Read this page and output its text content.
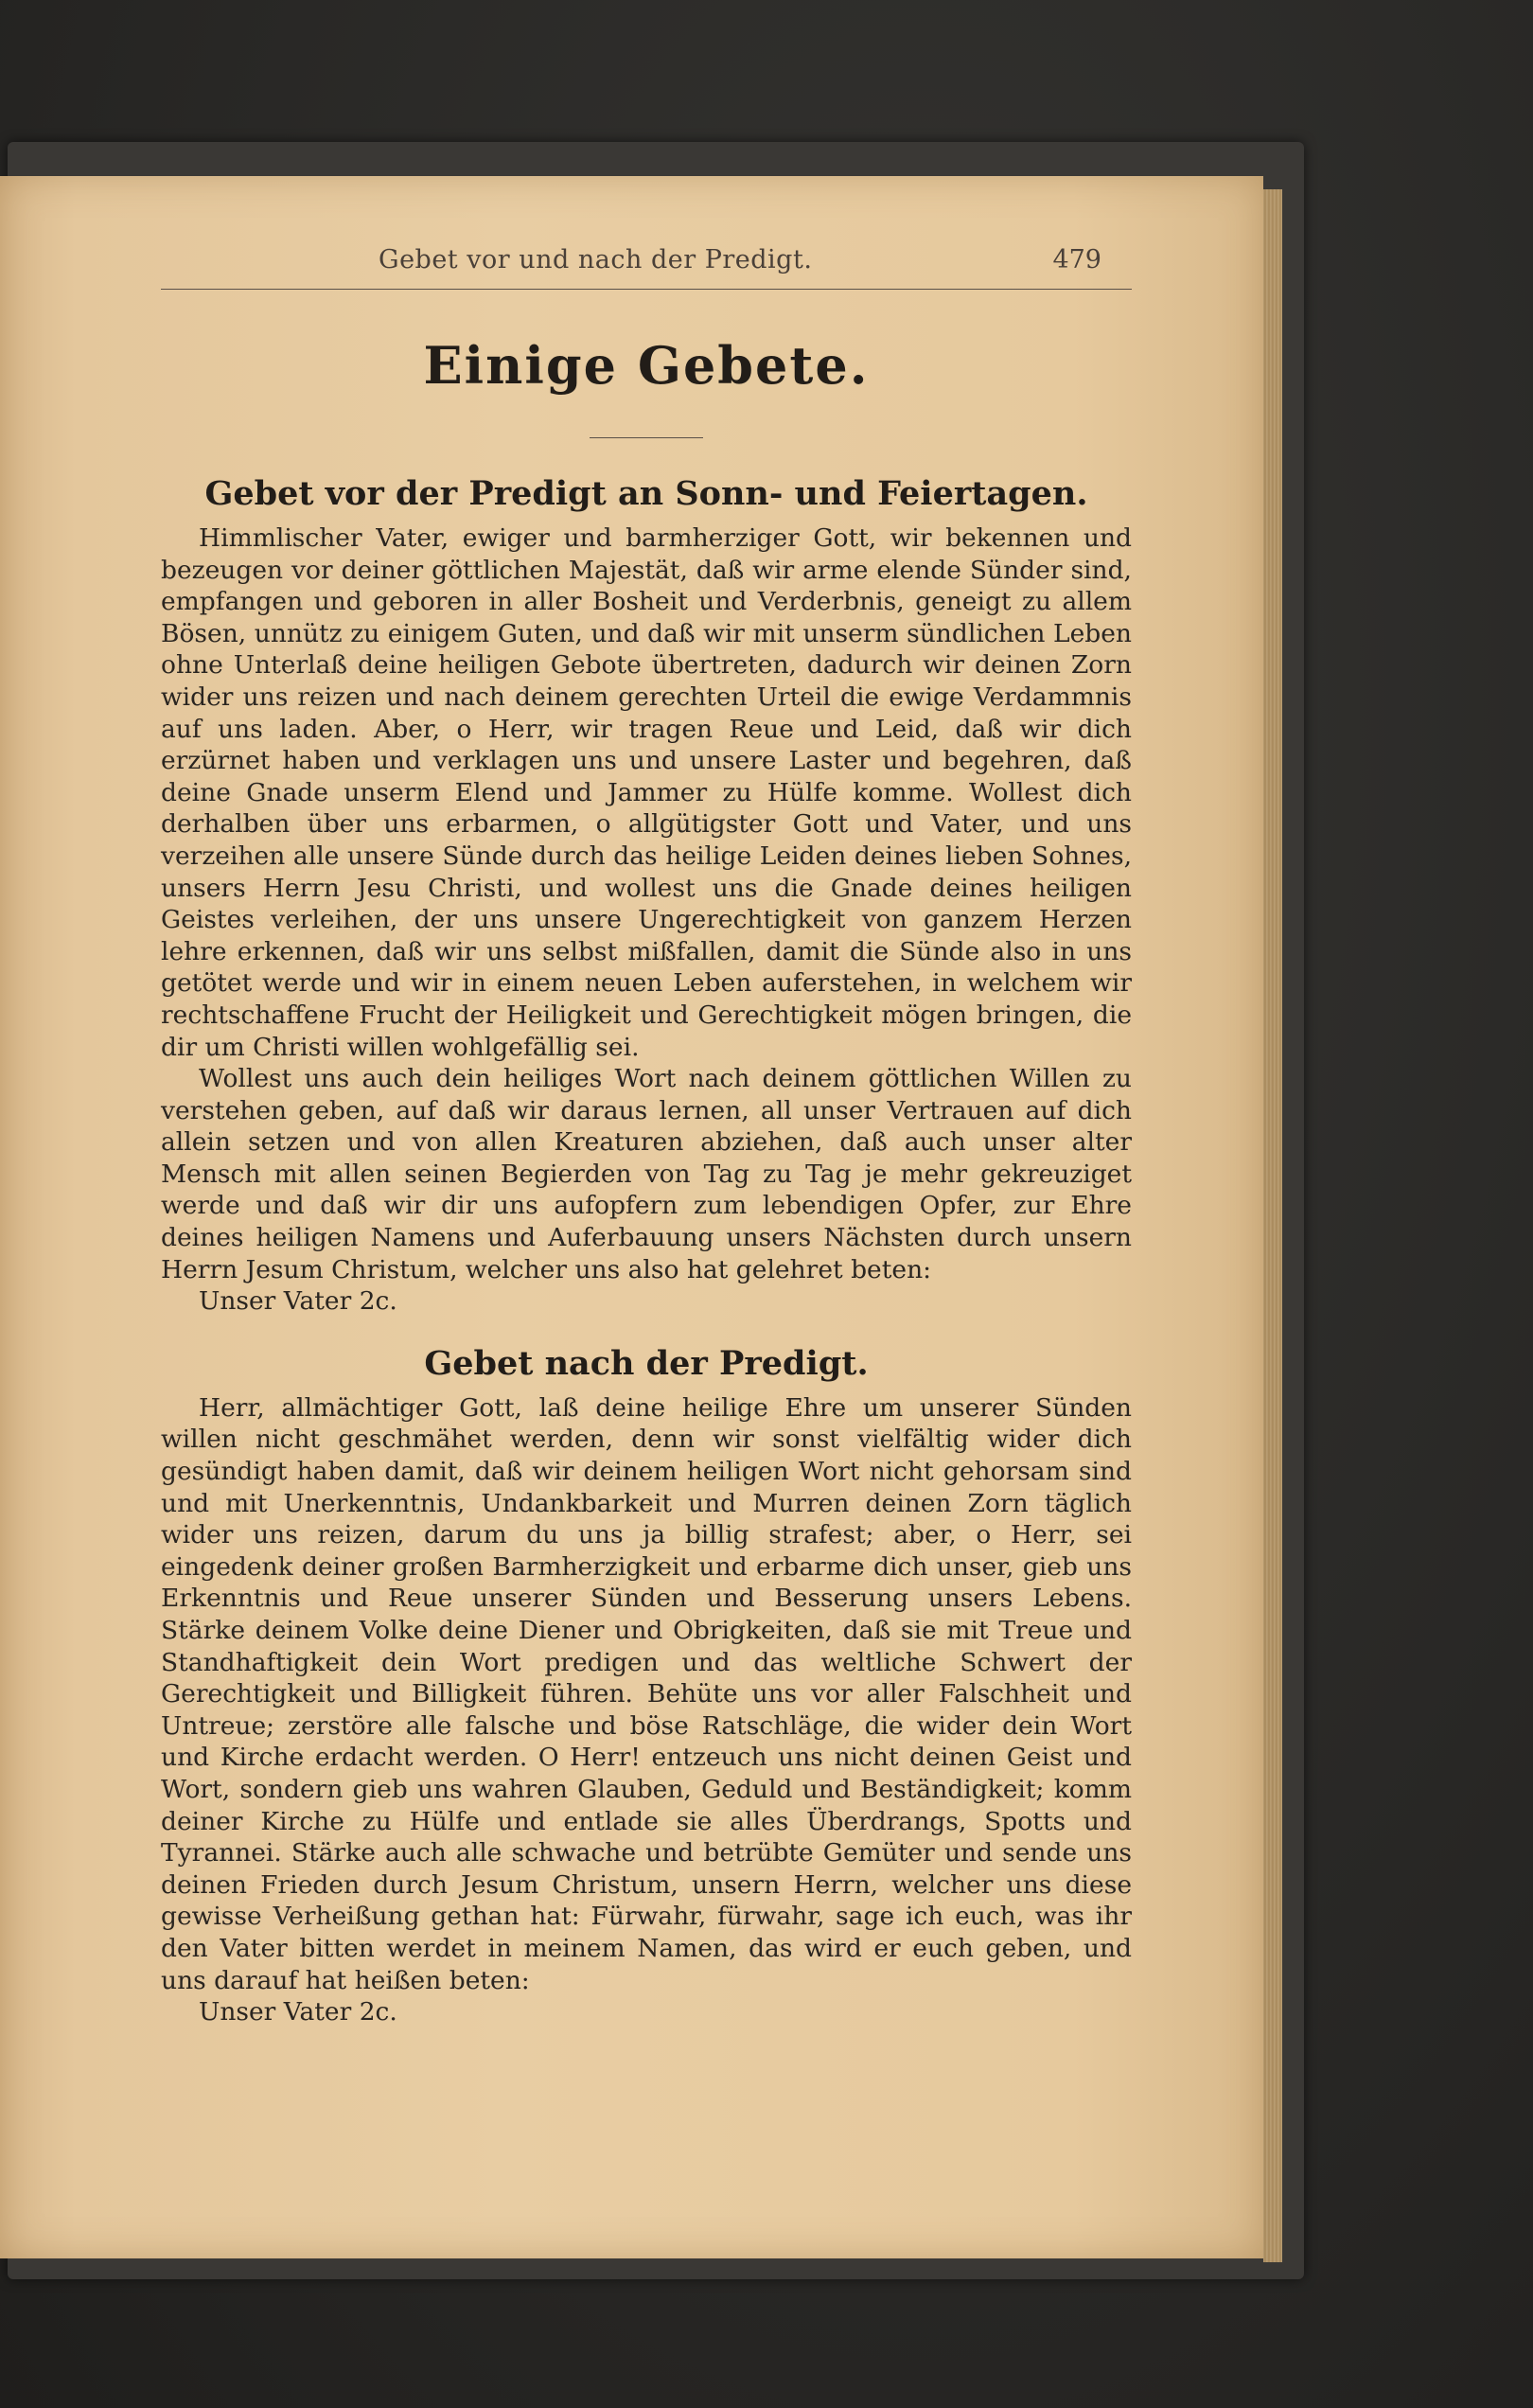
Gebet vor und nach der Predigt.	479
Einige Gebete.
Gebet vor der Predigt an Sonn- und Feiertagen.

Himmlischer Vater, ewiger und barmherziger Gott, wir bekennen und bezeugen vor deiner göttlichen Majestät, daß wir arme elende Sünder sind, empfangen und geboren in aller Bosheit und Verderbnis, geneigt zu allem Bösen, unnütz zu einigem Guten, und daß wir mit unserm sündlichen Leben ohne Unterlaß deine heiligen Gebote übertreten, dadurch wir deinen Zorn wider uns reizen und nach deinem gerechten Urteil die ewige Verdammnis auf uns laden. Aber, o Herr, wir tragen Reue und Leid, daß wir dich erzürnet haben und verklagen uns und unsere Laster und begehren, daß deine Gnade unserm Elend und Jammer zu Hülfe komme. Wollest dich derhalben über uns erbarmen, o allgütigster Gott und Vater, und uns verzeihen alle unsere Sünde durch das heilige Leiden deines lieben Sohnes, unsers Herrn Jesu Christi, und wollest uns die Gnade deines heiligen Geistes verleihen, der uns unsere Ungerechtigkeit von ganzem Herzen lehre erkennen, daß wir uns selbst mißfallen, damit die Sünde also in uns getötet werde und wir in einem neuen Leben auferstehen, in welchem wir rechtschaffene Frucht der Heiligkeit und Gerechtigkeit mögen bringen, die dir um Christi willen wohlgefällig sei.

Wollest uns auch dein heiliges Wort nach deinem göttlichen Willen zu verstehen geben, auf daß wir daraus lernen, all unser Vertrauen auf dich allein setzen und von allen Kreaturen abziehen, daß auch unser alter Mensch mit allen seinen Begierden von Tag zu Tag je mehr gekreuziget werde und daß wir dir uns aufopfern zum lebendigen Opfer, zur Ehre deines heiligen Namens und Auferbauung unsers Nächsten durch unsern Herrn Jesum Christum, welcher uns also hat gelehret beten:

Unser Vater 2c.

Gebet nach der Predigt.

Herr, allmächtiger Gott, laß deine heilige Ehre um unserer Sünden willen nicht geschmähet werden, denn wir sonst vielfältig wider dich gesündigt haben damit, daß wir deinem heiligen Wort nicht gehorsam sind und mit Unerkenntnis, Undankbarkeit und Murren deinen Zorn täglich wider uns reizen, darum du uns ja billig strafest; aber, o Herr, sei eingedenk deiner großen Barmherzigkeit und erbarme dich unser, gieb uns Erkenntnis und Reue unserer Sünden und Besserung unsers Lebens. Stärke deinem Volke deine Diener und Obrigkeiten, daß sie mit Treue und Standhaftigkeit dein Wort predigen und das weltliche Schwert der Gerechtigkeit und Billigkeit führen. Behüte uns vor aller Falschheit und Untreue; zerstöre alle falsche und böse Ratschläge, die wider dein Wort und Kirche erdacht werden. O Herr! entzeuch uns nicht deinen Geist und Wort, sondern gieb uns wahren Glauben, Geduld und Beständigkeit; komm deiner Kirche zu Hülfe und entlade sie alles Überdrangs, Spotts und Tyrannei. Stärke auch alle schwache und betrübte Gemüter und sende uns deinen Frieden durch Jesum Christum, unsern Herrn, welcher uns diese gewisse Verheißung gethan hat: Fürwahr, fürwahr, sage ich euch, was ihr den Vater bitten werdet in meinem Namen, das wird er euch geben, und uns darauf hat heißen beten:

Unser Vater 2c.
